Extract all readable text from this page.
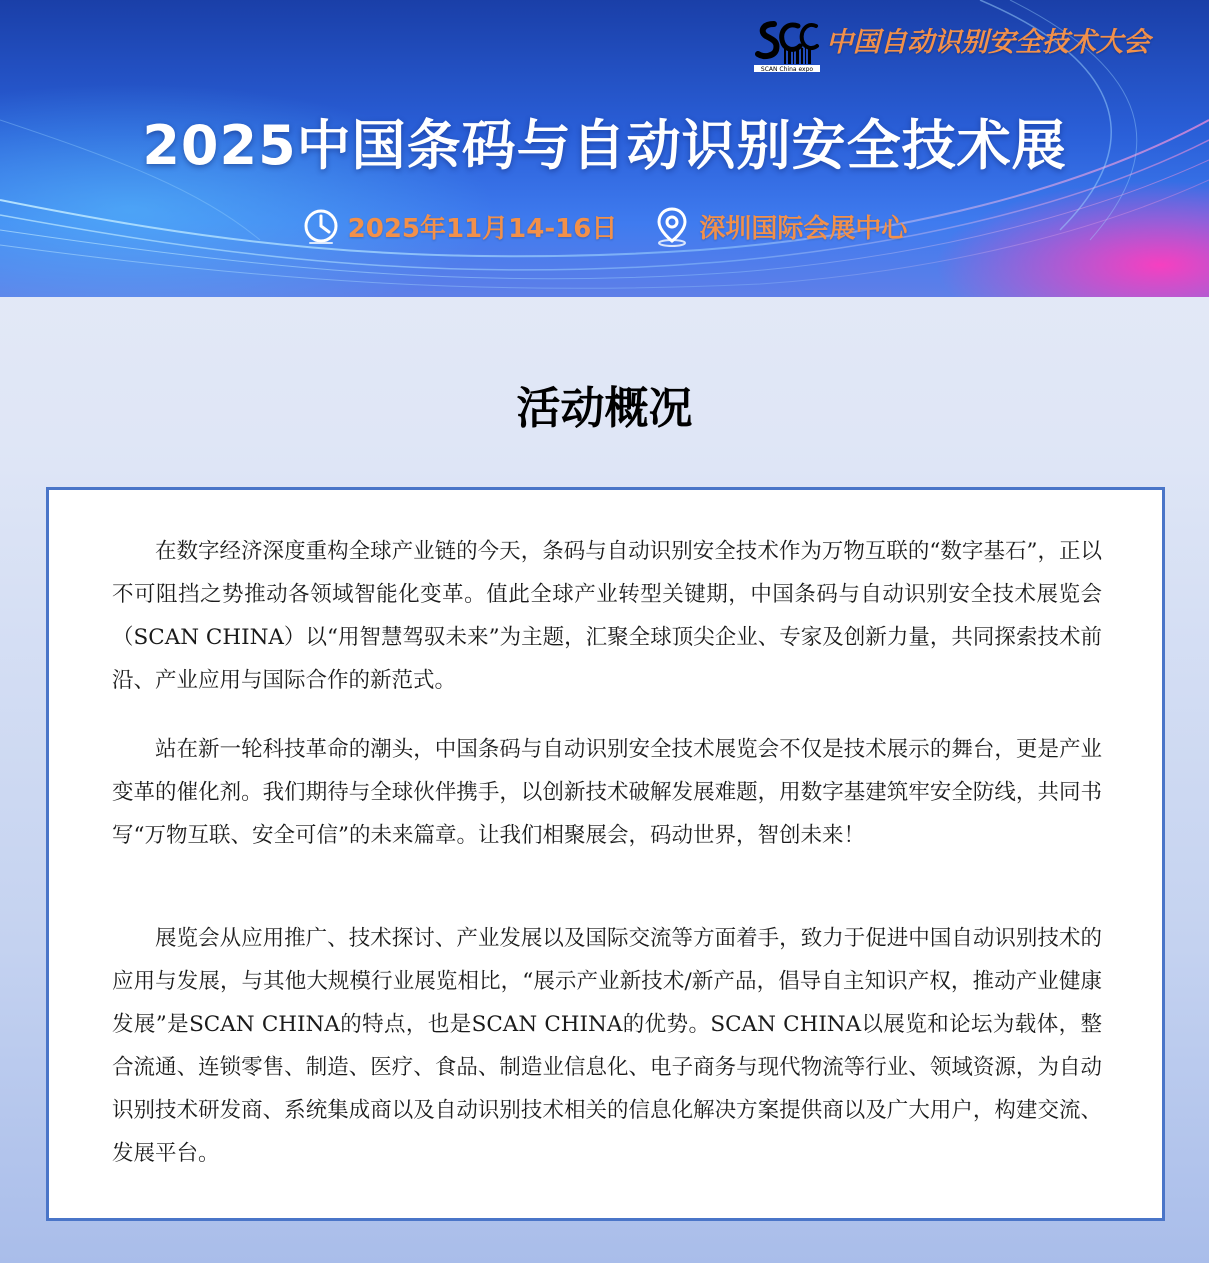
SCAN China expo
中国自动识别安全技术大会
2025中国条码与自动识别安全技术展
2025年11月14-16日	深圳国际会展中心
活动概况

在数字经济深度重构全球产业链的今天，条码与自动识别安全技术作为万物互联的“数字基石”，正以不可阻挡之势推动各领域智能化变革。值此全球产业转型关键期，中国条码与自动识别安全技术展览会（SCAN CHINA）以“用智慧驾驭未来”为主题，汇聚全球顶尖企业、专家及创新力量，共同探索技术前沿、产业应用与国际合作的新范式。

站在新一轮科技革命的潮头，中国条码与自动识别安全技术展览会不仅是技术展示的舞台，更是产业变革的催化剂。我们期待与全球伙伴携手，以创新技术破解发展难题，用数字基建筑牢安全防线，共同书写“万物互联、安全可信”的未来篇章。让我们相聚展会，码动世界，智创未来！

展览会从应用推广、技术探讨、产业发展以及国际交流等方面着手，致力于促进中国自动识别技术的应用与发展，与其他大规模行业展览相比，“展示产业新技术/新产品，倡导自主知识产权，推动产业健康发展”是SCAN CHINA的特点，也是SCAN CHINA的优势。SCAN CHINA以展览和论坛为载体，整合流通、连锁零售、制造、医疗、食品、制造业信息化、电子商务与现代物流等行业、领域资源，为自动识别技术研发商、系统集成商以及自动识别技术相关的信息化解决方案提供商以及广大用户，构建交流、发展平台。
